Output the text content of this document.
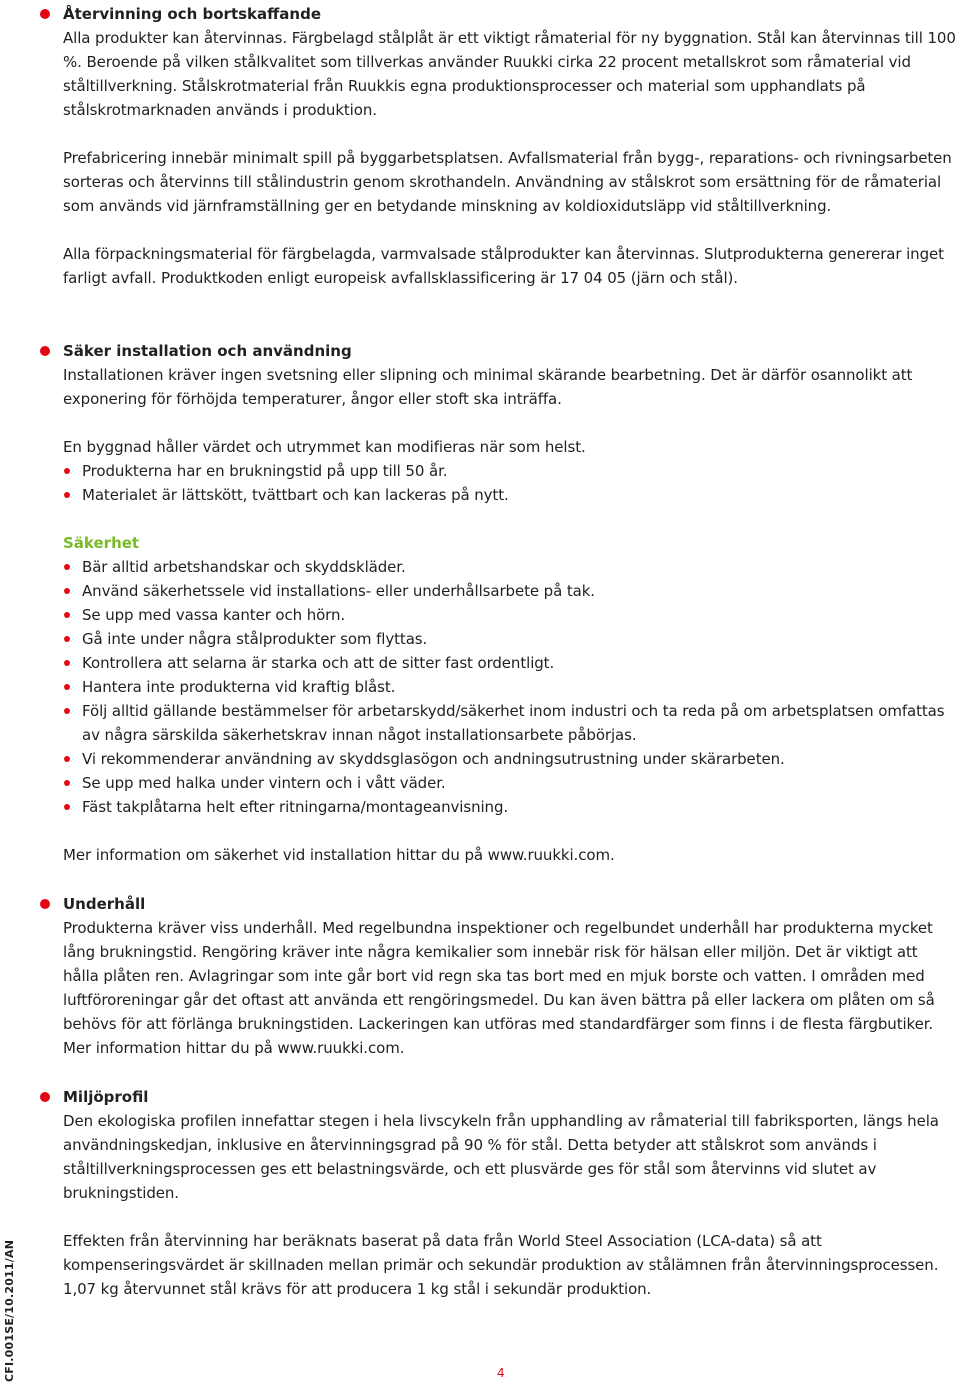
Återvinning och bortskaffande

Alla produkter kan återvinnas. Färgbelagd stålplåt är ett viktigt råmaterial för ny byggnation. Stål kan återvinnas till 100 %. Beroende på vilken stålkvalitet som tillverkas använder Ruukki cirka 22 procent metallskrot som råmaterial vid ståltillverkning. Stålskrotmaterial från Ruukkis egna produktionsprocesser och material som upphandlats på stålskrotmarknaden används i produktion.

Prefabricering innebär minimalt spill på byggarbetsplatsen. Avfallsmaterial från bygg-, reparations- och rivningsarbeten sorteras och återvinns till stålindustrin genom skrothandeln. Användning av stålskrot som ersättning för de råmaterial som används vid järnframställning ger en betydande minskning av koldioxidutsläpp vid ståltillverkning.

Alla förpackningsmaterial för färgbelagda, varmvalsade stålprodukter kan återvinnas. Slutprodukterna genererar inget farligt avfall. Produktkoden enligt europeisk avfallsklassificering är 17 04 05 (järn och stål).

Säker installation och användning

Installationen kräver ingen svetsning eller slipning och minimal skärande bearbetning. Det är därför osannolikt att exponering för förhöjda temperaturer, ångor eller stoft ska inträffa.

En byggnad håller värdet och utrymmet kan modifieras när som helst.

Produkterna har en brukningstid på upp till 50 år.
Materialet är lättskött, tvättbart och kan lackeras på nytt.
Säkerhet
Bär alltid arbetshandskar och skyddskläder.
Använd säkerhetssele vid installations- eller underhållsarbete på tak.
Se upp med vassa kanter och hörn.
Gå inte under några stålprodukter som flyttas.
Kontrollera att selarna är starka och att de sitter fast ordentligt.
Hantera inte produkterna vid kraftig blåst.
Följ alltid gällande bestämmelser för arbetarskydd/säkerhet inom industri och ta reda på om arbetsplatsen omfattas av några särskilda säkerhetskrav innan något installationsarbete påbörjas.
Vi rekommenderar användning av skyddsglasögon och andningsutrustning under skärarbeten.
Se upp med halka under vintern och i vått väder.
Fäst takplåtarna helt efter ritningarna/montageanvisning.

Mer information om säkerhet vid installation hittar du på www.ruukki.com.

Underhåll

Produkterna kräver viss underhåll. Med regelbundna inspektioner och regelbundet underhåll har produkterna mycket lång brukningstid. Rengöring kräver inte några kemikalier som innebär risk för hälsan eller miljön. Det är viktigt att hålla plåten ren. Avlagringar som inte går bort vid regn ska tas bort med en mjuk borste och vatten. I områden med luftföroreningar går det oftast att använda ett rengöringsmedel. Du kan även bättra på eller lackera om plåten om så behövs för att förlänga brukningstiden. Lackeringen kan utföras med standardfärger som finns i de flesta färgbutiker. Mer information hittar du på www.ruukki.com.

Miljöprofil

Den ekologiska profilen innefattar stegen i hela livscykeln från upphandling av råmaterial till fabriksporten, längs hela användningskedjan, inklusive en återvinningsgrad på 90 % för stål. Detta betyder att stålskrot som används i ståltillverkningsprocessen ges ett belastningsvärde, och ett plusvärde ges för stål som återvinns vid slutet av brukningstiden.

Effekten från återvinning har beräknats baserat på data från World Steel Association (LCA-data) så att kompenseringsvärdet är skillnaden mellan primär och sekundär produktion av stålämnen från återvinningsprocessen. 1,07 kg återvunnet stål krävs för att producera 1 kg stål i sekundär produktion.

CFI.001SE/10.2011/AN	4
